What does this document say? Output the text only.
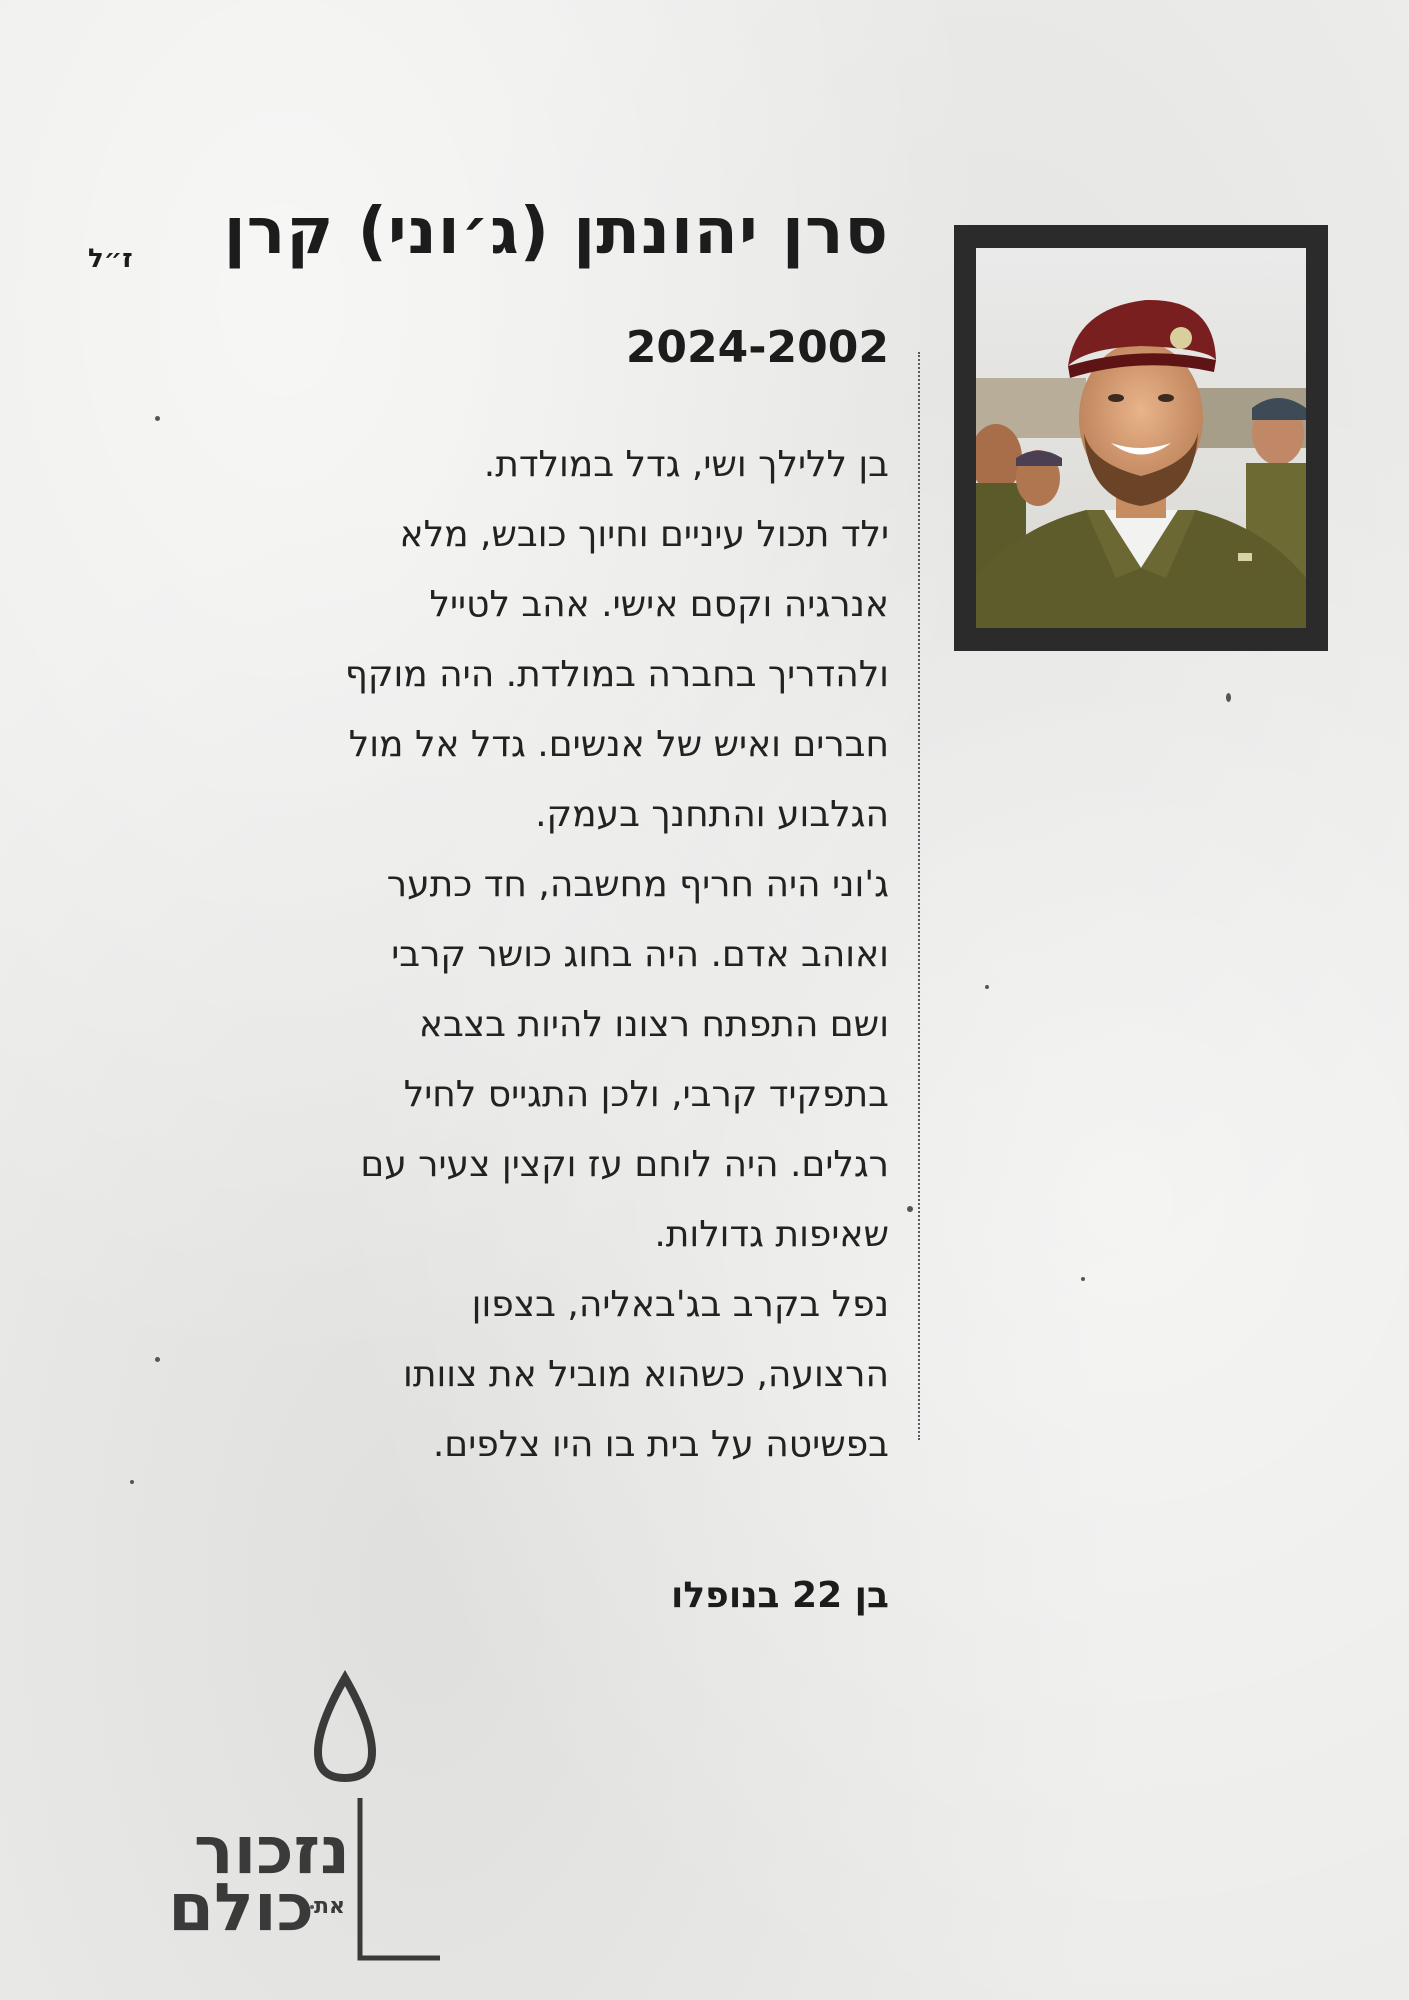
סרן יהונתן (ג׳וני) קרן
ז״ל
2024-2002
בן ללילך ושי, גדל במולדת.
ילד תכול עיניים וחיוך כובש, מלא
אנרגיה וקסם אישי. אהב לטייל
ולהדריך בחברה במולדת. היה מוקף
חברים ואיש של אנשים. גדל אל מול
הגלבוע והתחנך בעמק.
ג'וני היה חריף מחשבה, חד כתער
ואוהב אדם. היה בחוג כושר קרבי
ושם התפתח רצונו להיות בצבא
בתפקיד קרבי, ולכן התגייס לחיל
רגלים. היה לוחם עז וקצין צעיר עם
שאיפות גדולות.
נפל בקרב בג'באליה, בצפון
הרצועה, כשהוא מוביל את צוותו
בפשיטה על בית בו היו צלפים.
בן 22 בנופלו
נזכור
את
כולם
